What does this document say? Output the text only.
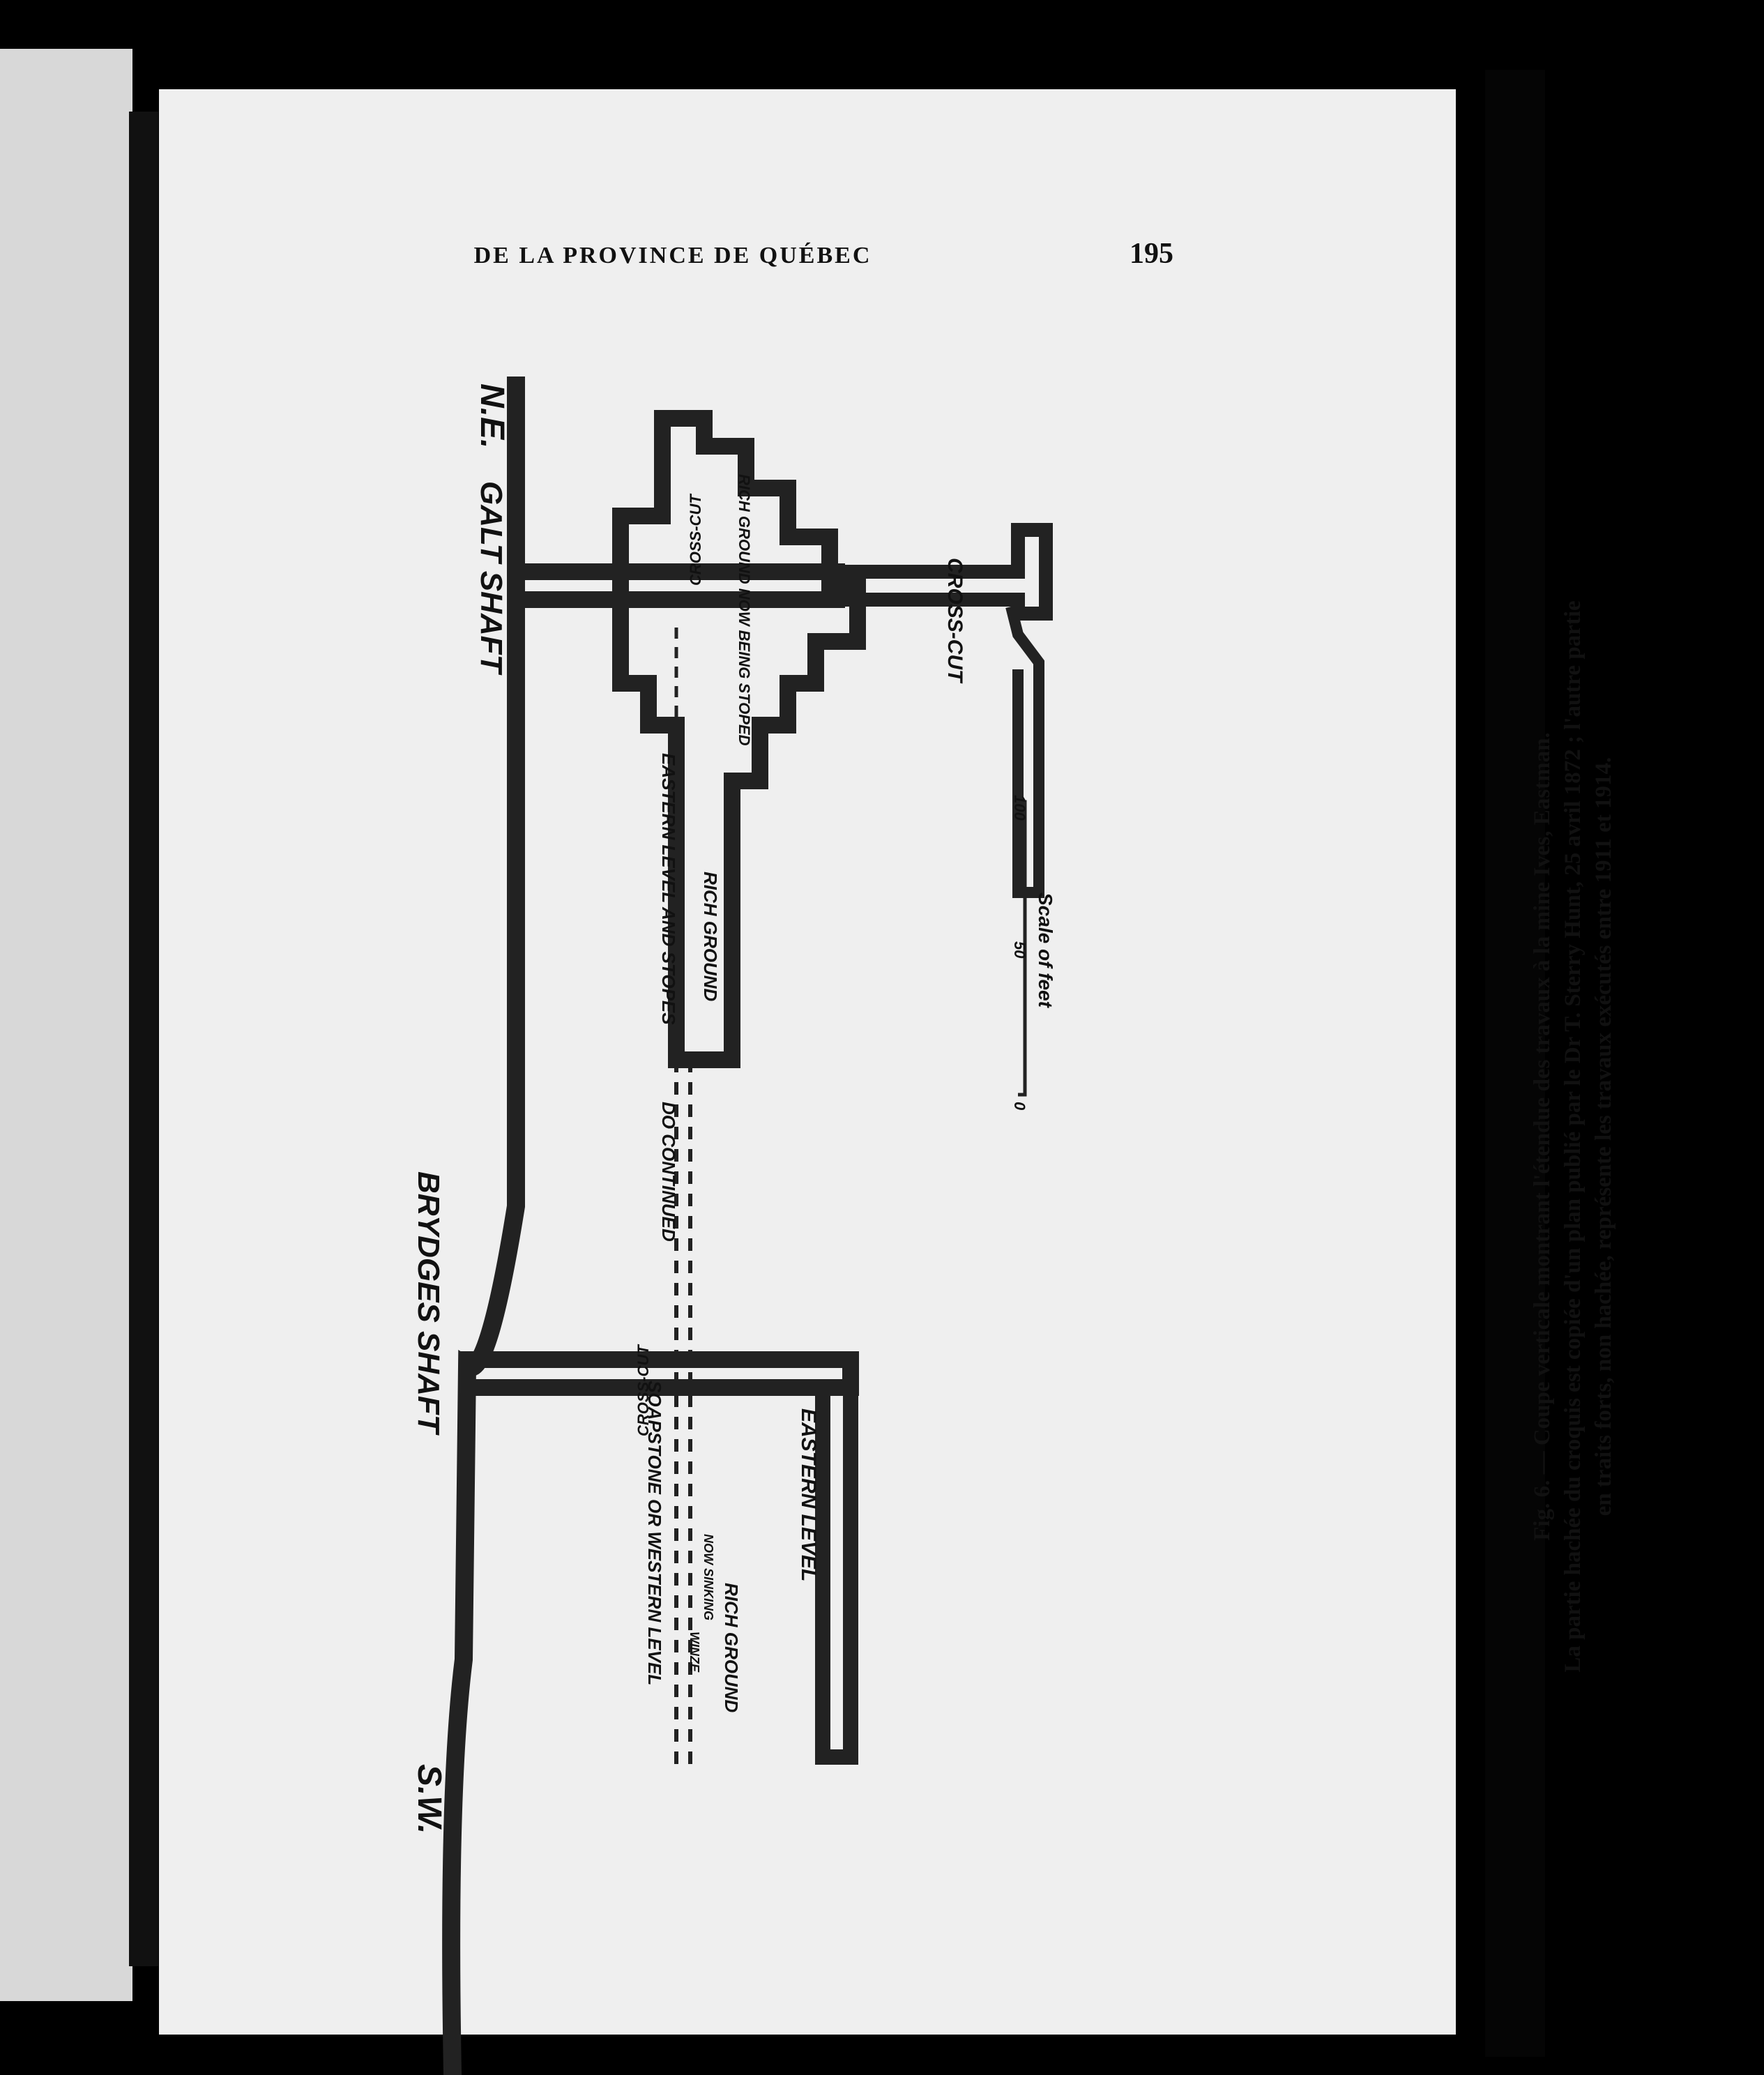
DE LA PROVINCE DE QUÉBEC	195
N.E.
GALT SHAFT
BRYDGES SHAFT
S.W.
CROSS-CUT RICH GROUND NOW BEING STOPED
EASTERN LEVEL AND STOPES RICH GROUND
DO CONTINUED
CROSS-CUT
SOAPSTONE OR WESTERN LEVEL	EASTERN LEVEL
NOW SINKING
WINZE RICH GROUND
CROSS-CUT
100
50
0
Scale of feet	Fig. 6. — Coupe verticale montrant l'étendue des travaux à la mine Ives, Eastman. La partie hachée du croquis est copiée d'un plan publié par le Dr T. Sterry Hunt, 25 avril 1872 ; l'autre partie en traits forts, non hachée, représente les travaux exécutés entre 1911 et 1914.
